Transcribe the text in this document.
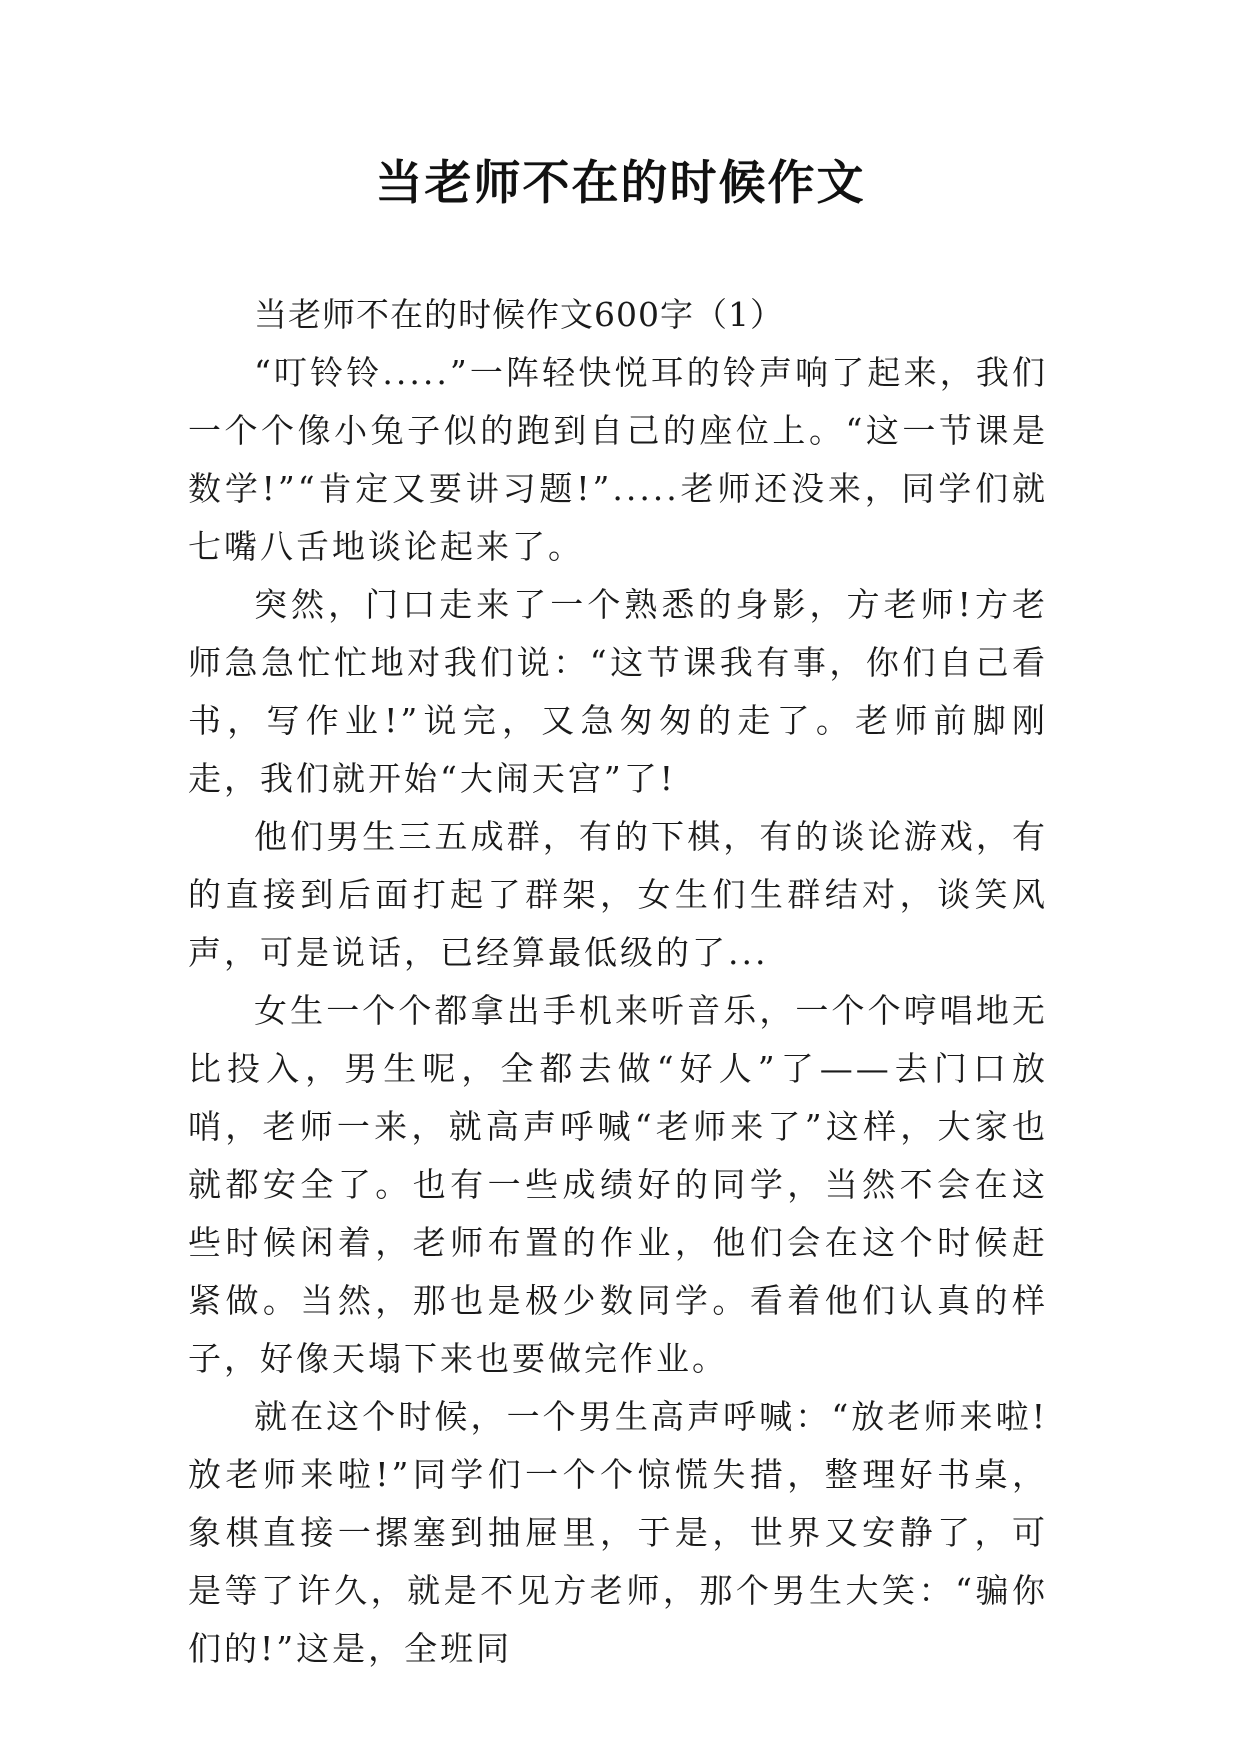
当老师不在的时候作文

当老师不在的时候作文600字（1）

“叮铃铃.....”一阵轻快悦耳的铃声响了起来，我们一个个像小兔子似的跑到自己的座位上。“这一节课是数学!”“肯定又要讲习题!”.....老师还没来，同学们就七嘴八舌地谈论起来了。

突然，门口走来了一个熟悉的身影，方老师!方老师急急忙忙地对我们说：“这节课我有事，你们自己看书，写作业!”说完，又急匆匆的走了。老师前脚刚走，我们就开始“大闹天宫”了!

他们男生三五成群，有的下棋，有的谈论游戏，有的直接到后面打起了群架，女生们生群结对，谈笑风声，可是说话，已经算最低级的了...

女生一个个都拿出手机来听音乐，一个个哼唱地无比投入，男生呢，全都去做“好人”了——去门口放哨，老师一来，就高声呼喊“老师来了”这样，大家也就都安全了。也有一些成绩好的同学，当然不会在这些时候闲着，老师布置的作业，他们会在这个时候赶紧做。当然，那也是极少数同学。看着他们认真的样子，好像天塌下来也要做完作业。

就在这个时候，一个男生高声呼喊：“放老师来啦!放老师来啦!”同学们一个个惊慌失措，整理好书桌，象棋直接一摞塞到抽屉里，于是，世界又安静了，可是等了许久，就是不见方老师，那个男生大笑：“骗你们的!”这是，全班同
